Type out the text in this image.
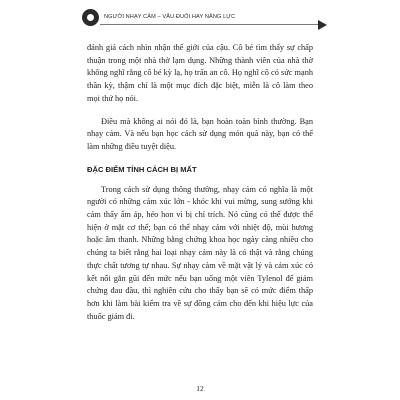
NGƯỜI NHẠY CẢM – VẪU ĐUỐI HAY NĂNG LỰC

đánh giá cách nhìn nhận thế giới của cậu. Cô bé tìm thấy sự chấp thuận trong một nhà thờ lạm dụng. Những thành viên của nhà thờ không nghĩ rằng cô bé kỳ lạ, họ trấn an cô. Họ nghĩ cô có sức mạnh thần kỳ, thậm chí là một mục đích đặc biệt, miễn là cô làm theo mọi thứ họ nói.

Điều mà không ai nói đó là, bạn hoàn toàn bình thường. Bạn nhạy cảm. Và nếu bạn học cách sử dụng món quà này, bạn có thể làm những điều tuyệt diệu.

ĐẶC ĐIỂM TÍNH CÁCH BỊ MẤT

Trong cách sử dụng thông thường, nhạy cảm có nghĩa là một người có những cảm xúc lớn - khóc khi vui mừng, sung sướng khi cảm thấy ấm áp, héo hon vì bị chỉ trích. Nó cũng có thể được thể hiện ở mặt cơ thể; bạn có thể nhạy cảm với nhiệt độ, mùi hương hoặc âm thanh. Những bằng chứng khoa học ngày càng nhiều cho chúng ta biết rằng hai loại nhạy cảm này là có thật và rằng chúng thực chất tương tự nhau. Sự nhạy cảm về mặt vật lý và cảm xúc có kết nối gắn gũi đến mức nếu bạn uống một viên Tylenol để giảm chứng đau đầu, thì nghiên cứu cho thấy bạn sẽ có mức điểm thấp hơn khi làm bài kiểm tra về sự đồng cảm cho đến khi hiệu lực của thuốc giảm đi.

12
